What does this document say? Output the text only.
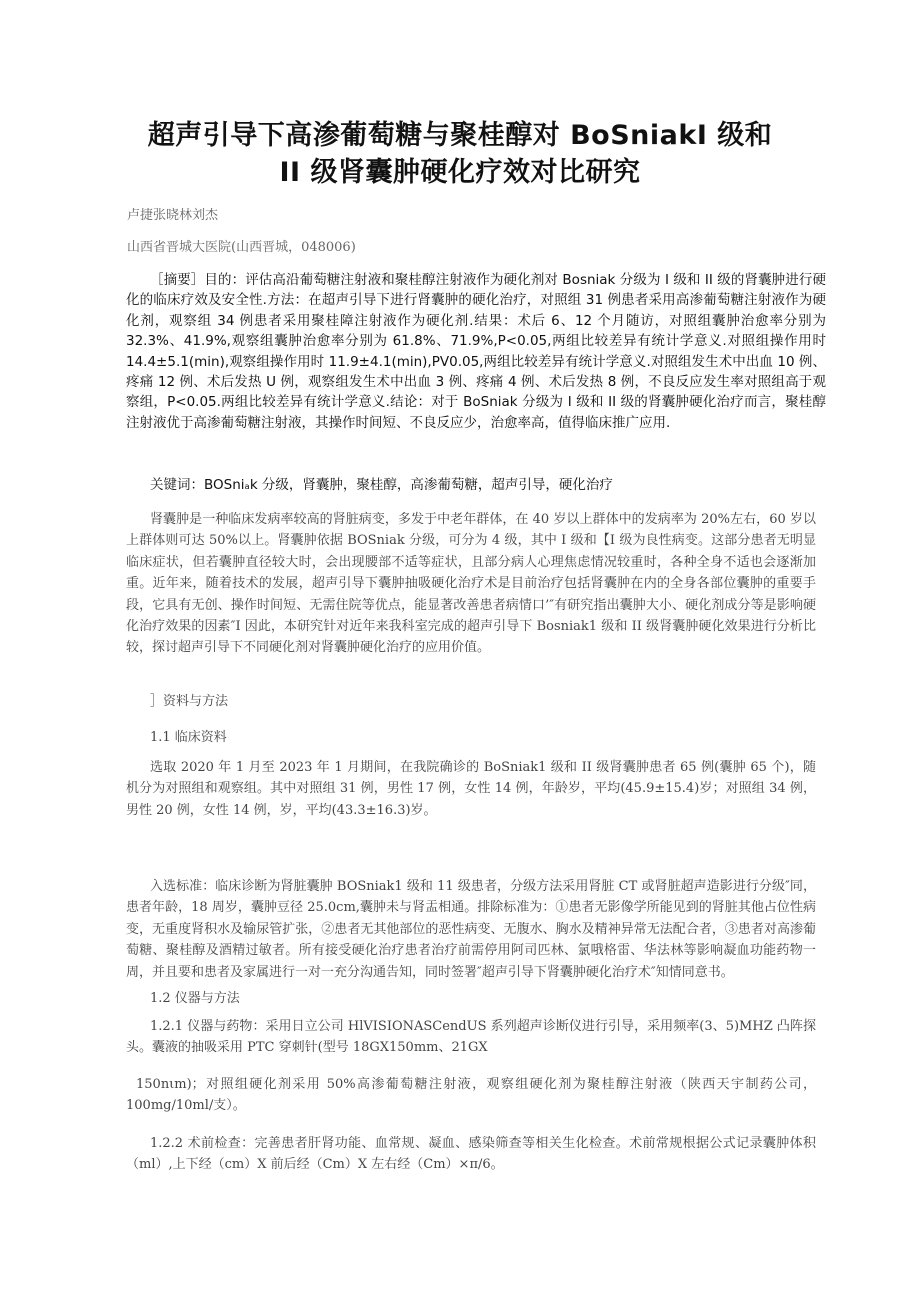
超声引导下高渗葡萄糖与聚桂醇对 BoSniakI 级和
II 级肾囊肿硬化疗效对比研究

卢捷张晓林刘杰

山西省晋城大医院(山西晋城，048006)

［摘要］目的：评估高沿葡萄糖注射液和聚桂醇注射液作为硬化剂对 Bosniak 分级为 I 级和 II 级的肾囊肿进行硬化的临床疗效及安全性.方法：在超声引导下进行肾囊肿的硬化治疗，对照组 31 例患者采用高渗葡萄糖注射液作为硬化剂，观察组 34 例患者采用聚桂障注射液作为硬化剂.结果：术后 6、12 个月随访，对照组囊肿治愈率分别为 32.3%、41.9%,观察组囊肿治愈率分别为 61.8%、71.9%,P<0.05,两组比较差异有统计学意义.对照组操作用时 14.4±5.1(min),观察组操作用时 11.9±4.1(min),PV0.05,两组比较差异有统计学意义.对照组发生术中出血 10 例、疼痛 12 例、术后发热 U 例，观察组发生术中出血 3 例、疼痛 4 例、术后发热 8 例，不良反应发生率对照组高于观察组，P<0.05.两组比较差异有统计学意义.结论：对于 BoSniak 分级为 I 级和 II 级的肾囊肿硬化治疗而言，聚桂醇注射液优于高渗葡萄糖注射液，其操作时间短、不良反应少，治愈率高，值得临床推广应用.

关键词：BOSniₐk 分级，肾囊肿，聚桂醇，高渗葡萄糖，超声引导，硬化治疗

肾囊肿是一种临床发病率较高的肾脏病变，多发于中老年群体，在 40 岁以上群体中的发病率为 20%左右，60 岁以上群体则可达 50%以上。肾囊肿依据 BOSniak 分级，可分为 4 级，其中 I 级和【I 级为良性病变。这部分患者无明显临床症状，但若囊肿直径较大时，会出现腰部不适等症状，且部分病人心理焦虑情况较重时，各种全身不适也会逐渐加重。近年来，随着技术的发展，超声引导下囊肿抽吸硬化治疗术是目前治疗包括肾囊肿在内的全身各部位囊肿的重要手段，它具有无创、操作时间短、无需住院等优点，能显著改善患者病情口’″有研究指出囊肿大小、硬化剂成分等是影响硬化治疗效果的因素″I 因此，本研究针对近年来我科室完成的超声引导下 Bosniak1 级和 II 级肾囊肿硬化效果进行分析比较，探讨超声引导下不同硬化剂对肾囊肿硬化治疗的应用价值。

］资料与方法

1.1 临床资料

选取 2020 年 1 月至 2023 年 1 月期间，在我院确诊的 BoSniak1 级和 II 级肾囊肿患者 65 例(囊肿 65 个)，随机分为对照组和观察组。其中对照组 31 例，男性 17 例，女性 14 例，年龄岁，平均(45.9±15.4)岁；对照组 34 例，男性 20 例，女性 14 例，岁，平均(43.3±16.3)岁。

入选标准：临床诊断为肾脏囊肿 BOSniak1 级和 11 级患者，分级方法采用肾脏 CT 或肾脏超声造影进行分级″同，患者年龄，18 周岁，囊肿豆径 25.0cm,囊肿未与肾盂相通。排除标准为：①患者无影像学所能见到的肾脏其他占位性病变，无重度肾积水及输尿管扩张，②患者无其他部位的恶性病变、无腹水、胸水及精神异常无法配合者，③患者对高渗葡萄糖、聚桂醇及酒精过敏者。所有接受硬化治疗患者治疗前需停用阿司匹林、氯哦格雷、华法林等影响凝血功能药物一周，并且要和患者及家属进行一对一充分沟通告知，同时签署″超声引导下肾囊肿硬化治疗术″知情同意书。

1.2 仪器与方法

1.2.1 仪器与药物：采用日立公司 HlVISIONASCendUS 系列超声诊断仪进行引导，采用频率(3、5)MHZ 凸阵探头。囊液的抽吸采用 PTC 穿刺针(型号 18GX150mm、21GX

150nιm)；对照组硬化剂采用 50%高渗葡萄糖注射液，观察组硬化剂为聚桂醇注射液（陕西天宇制药公司，100mg/10ml/支）。

1.2.2 术前检查：完善患者肝肾功能、血常规、凝血、感染筛查等相关生化检查。术前常规根据公式记录囊肿体积（ml）,上下经（cm）X 前后经（Cm）X 左右经（Cm）×π/6。
